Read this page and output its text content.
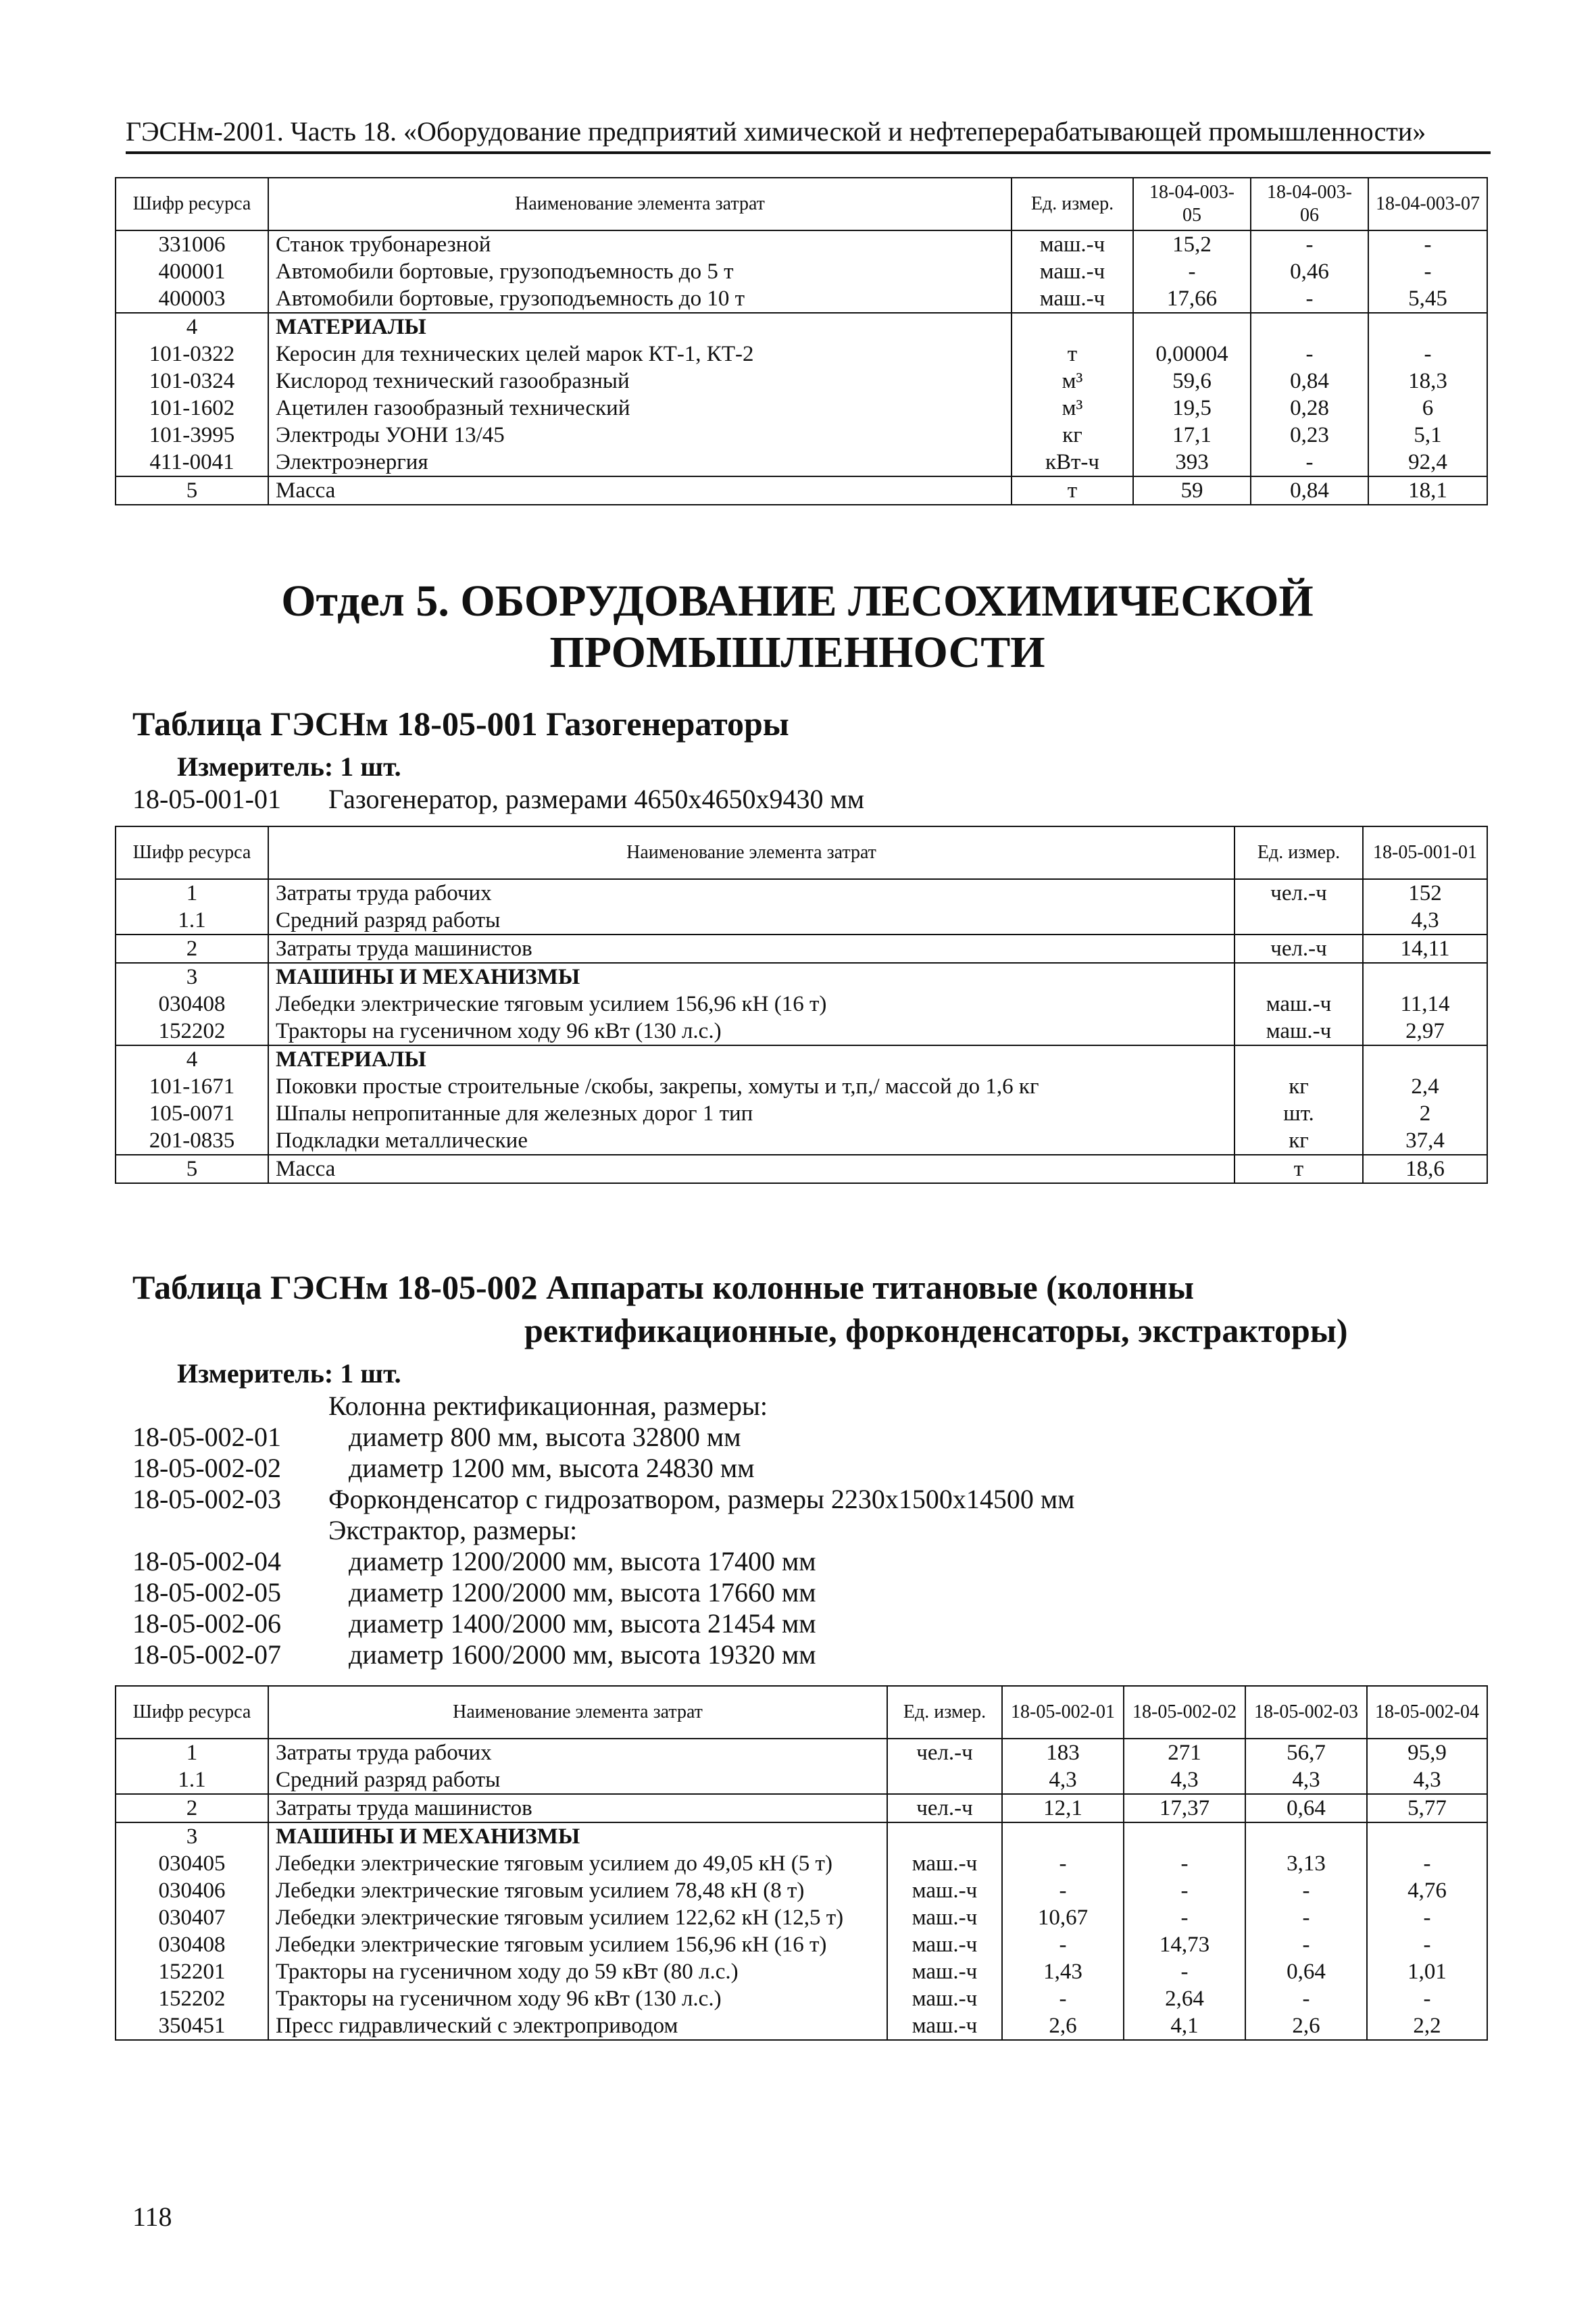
ГЭСНм-2001. Часть 18. «Оборудование предприятий химической и нефтеперерабатывающей промышленности»
Шифр ресурса	Наименование элемента затрат	Ед. измер.	18-04-003-05	18-04-003-06	18-04-003-07
331006	Станок трубонарезной	маш.-ч	15,2	-	-
400001	Автомобили бортовые, грузоподъемность до 5 т	маш.-ч	-	0,46	-
400003	Автомобили бортовые, грузоподъемность до 10 т	маш.-ч	17,66	-	5,45
4	МАТЕРИАЛЫ				
101-0322	Керосин для технических целей марок КТ-1, КТ-2	т	0,00004	-	-
101-0324	Кислород технический газообразный	м³	59,6	0,84	18,3
101-1602	Ацетилен газообразный технический	м³	19,5	0,28	6
101-3995	Электроды УОНИ 13/45	кг	17,1	0,23	5,1
411-0041	Электроэнергия	кВт-ч	393	-	92,4
5	Масса	т	59	0,84	18,1
Отдел 5. ОБОРУДОВАНИЕ ЛЕСОХИМИЧЕСКОЙ
ПРОМЫШЛЕННОСТИ
Таблица ГЭСНм 18-05-001 Газогенераторы
Измеритель: 1 шт.
18-05-001-01 Газогенератор, размерами 4650х4650х9430 мм
Шифр ресурса	Наименование элемента затрат	Ед. измер.	18-05-001-01
1	Затраты труда рабочих	чел.-ч	152
1.1	Средний разряд работы		4,3
2	Затраты труда машинистов	чел.-ч	14,11
3	МАШИНЫ И МЕХАНИЗМЫ		
030408	Лебедки электрические тяговым усилием 156,96 кН (16 т)	маш.-ч	11,14
152202	Тракторы на гусеничном ходу 96 кВт (130 л.с.)	маш.-ч	2,97
4	МАТЕРИАЛЫ		
101-1671	Поковки простые строительные /скобы, закрепы, хомуты и т,п,/ массой до 1,6 кг	кг	2,4
105-0071	Шпалы непропитанные для железных дорог 1 тип	шт.	2
201-0835	Подкладки металлические	кг	37,4
5	Масса	т	18,6
Таблица ГЭСНм 18-05-002 Аппараты колонные титановые (колонны
ректификационные, форконденсаторы, экстракторы)
Измеритель: 1 шт.
Колонна ректификационная, размеры:
18-05-002-01	диаметр 800 мм, высота 32800 мм
18-05-002-02	диаметр 1200 мм, высота 24830 мм
18-05-002-03 Форконденсатор с гидрозатвором, размеры 2230х1500х14500 мм
Экстрактор, размеры:
18-05-002-04	диаметр 1200/2000 мм, высота 17400 мм
18-05-002-05	диаметр 1200/2000 мм, высота 17660 мм
18-05-002-06	диаметр 1400/2000 мм, высота 21454 мм
18-05-002-07	диаметр 1600/2000 мм, высота 19320 мм
Шифр ресурса	Наименование элемента затрат	Ед. измер.	18-05-002-01	18-05-002-02	18-05-002-03	18-05-002-04
1	Затраты труда рабочих	чел.-ч	183	271	56,7	95,9
1.1	Средний разряд работы		4,3	4,3	4,3	4,3
2	Затраты труда машинистов	чел.-ч	12,1	17,37	0,64	5,77
3	МАШИНЫ И МЕХАНИЗМЫ					
030405	Лебедки электрические тяговым усилием до 49,05 кН (5 т)	маш.-ч	-	-	3,13	-
030406	Лебедки электрические тяговым усилием 78,48 кН (8 т)	маш.-ч	-	-	-	4,76
030407	Лебедки электрические тяговым усилием 122,62 кН (12,5 т)	маш.-ч	10,67	-	-	-
030408	Лебедки электрические тяговым усилием 156,96 кН (16 т)	маш.-ч	-	14,73	-	-
152201	Тракторы на гусеничном ходу до 59 кВт (80 л.с.)	маш.-ч	1,43	-	0,64	1,01
152202	Тракторы на гусеничном ходу 96 кВт (130 л.с.)	маш.-ч	-	2,64	-	-
350451	Пресс гидравлический с электроприводом	маш.-ч	2,6	4,1	2,6	2,2
118
